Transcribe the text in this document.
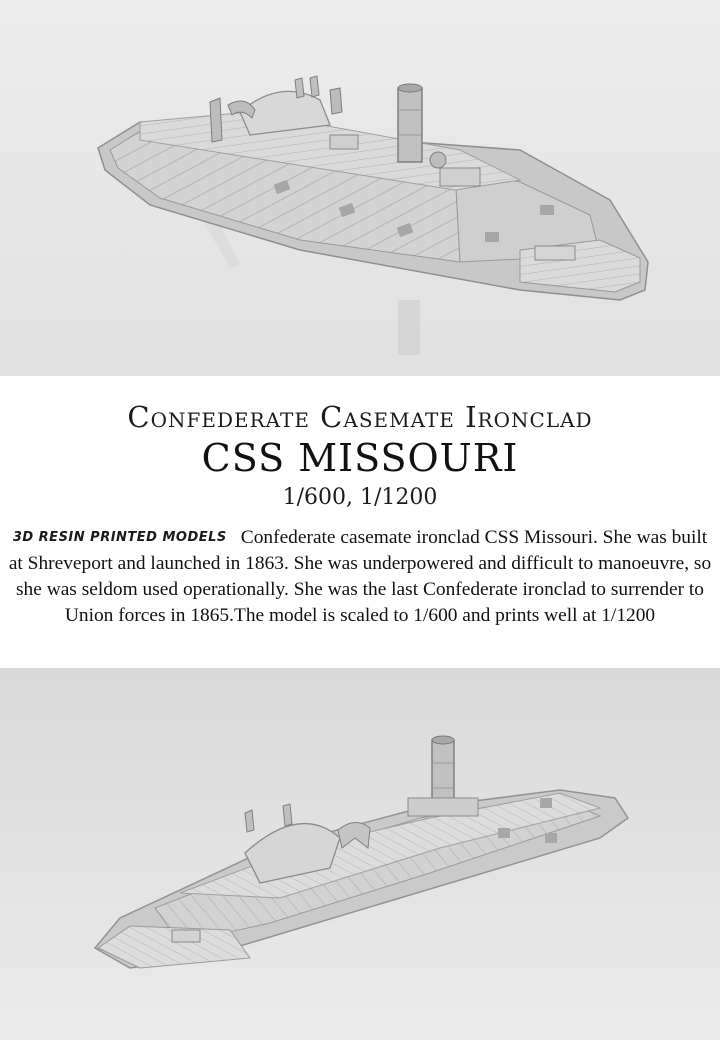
Confederate Casemate Ironclad
CSS MISSOURI
1/600, 1/1200
3D RESIN PRINTED MODELS Confederate casemate ironclad CSS Missouri. She was built at Shreveport and launched in 1863. She was underpowered and difficult to manoeuvre, so she was seldom used operationally. She was the last Confederate ironclad to surrender to Union forces in 1865.The model is scaled to 1/600 and prints well at 1/1200
